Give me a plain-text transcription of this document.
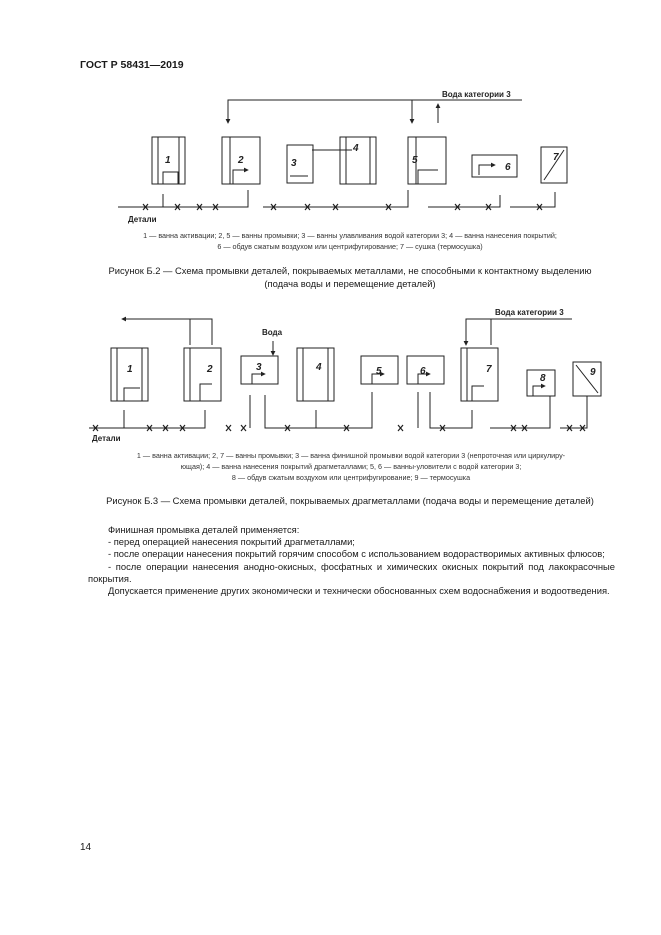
ГОСТ Р 58431—2019
1	2	3
4
5
6
7
Вода категории 3
Детали
1 — ванна активации; 2, 5 — ванны промывки; 3 — ванны улавливания водой категории 3; 4 — ванна нанесения покрытий;
6 — обдув сжатым воздухом или центрифугирование; 7 — сушка (термосушка)
Рисунок Б.2 — Схема промывки деталей, покрываемых металлами, не способными к контактному выделению
(подача воды и перемещение деталей)
1	2	3	4	5	6	7
8
9
Вода категории 3
Вода
Детали
1 — ванна активации; 2, 7 — ванны промывки; 3 — ванна финишной промывки водой категории 3 (непроточная или циркулиру-
ющая); 4 — ванна нанесения покрытий драгметаллами; 5, 6 — ванны-уловители с водой категории 3;
8 — обдув сжатым воздухом или центрифугирование; 9 — термосушка
Рисунок Б.3 — Схема промывки деталей, покрываемых драгметаллами (подача воды и перемещение деталей)

Финишная промывка деталей применяется:

- перед операцией нанесения покрытий драгметаллами;

- после операции нанесения покрытий горячим способом с использованием водорастворимых активных флюсов;

- после операции нанесения анодно-окисных, фосфатных и химических окисных покрытий под лакокрасочные покрытия.

Допускается применение других экономически и технически обоснованных схем водоснабжения и водоотведения.

14
